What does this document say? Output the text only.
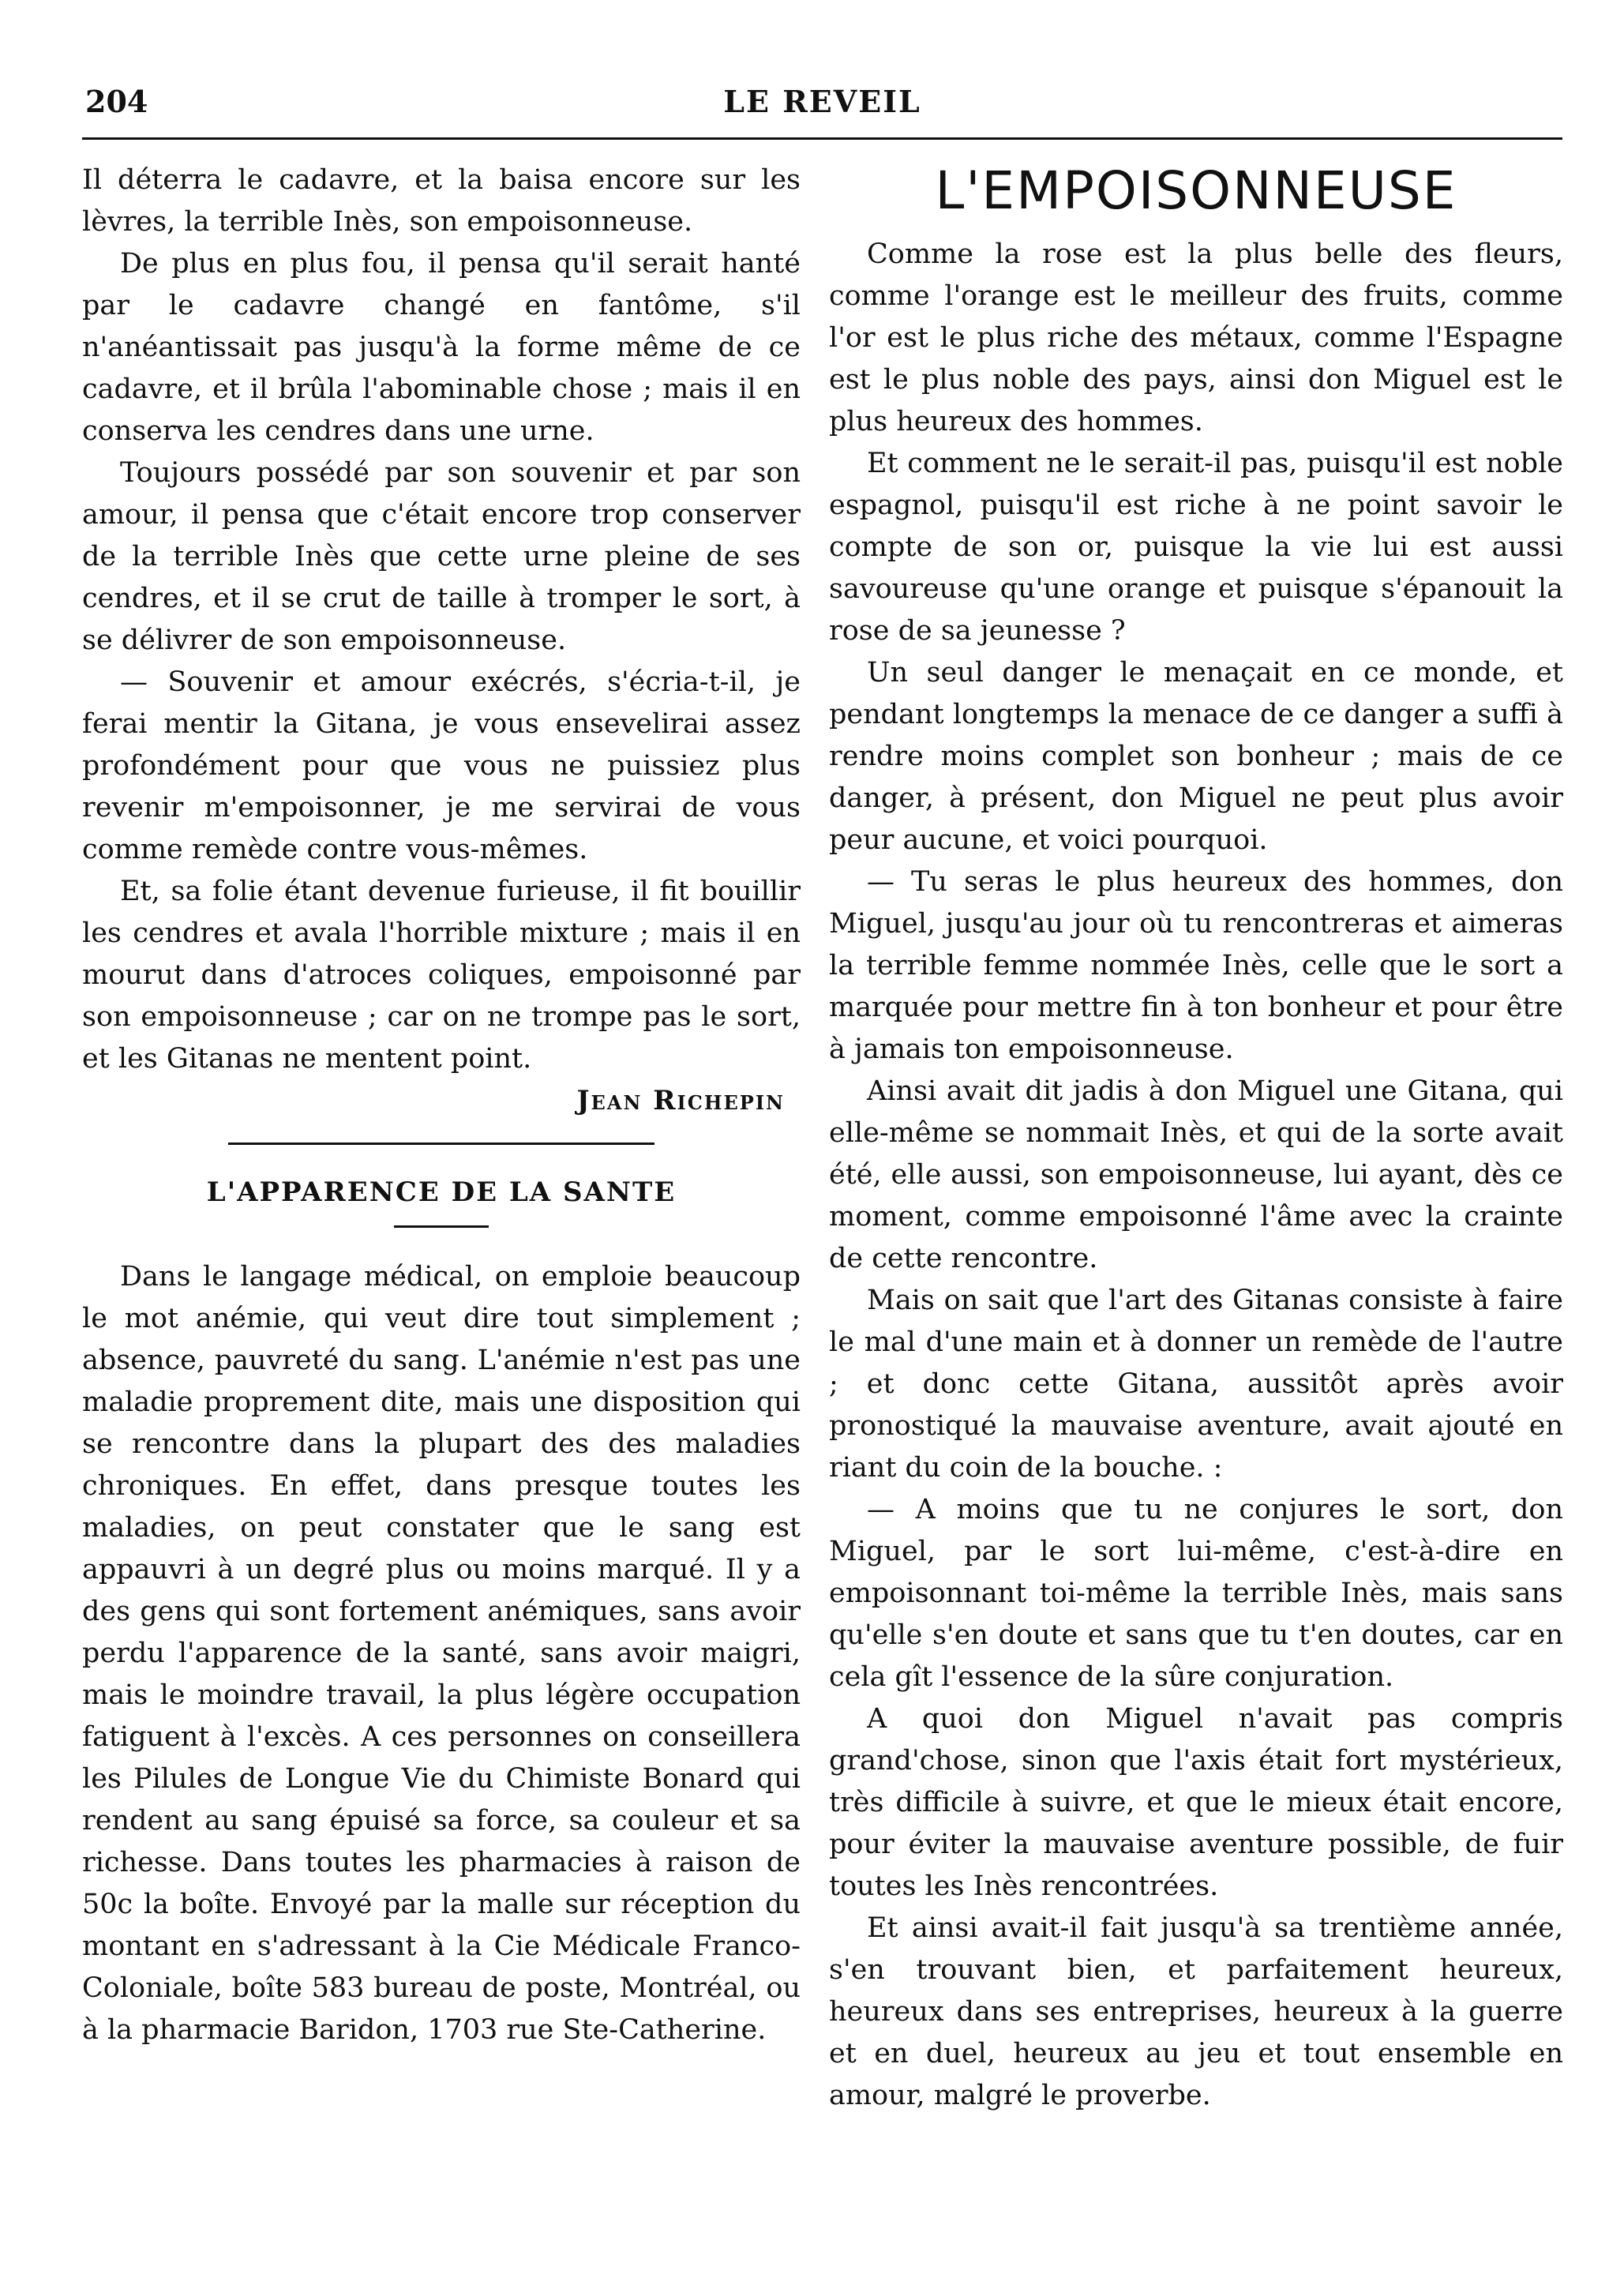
204	LE REVEIL

Il déterra le cadavre, et la baisa encore sur les lèvres, la terrible Inès, son empoisonneuse.

De plus en plus fou, il pensa qu'il serait hanté par le cadavre changé en fantôme, s'il n'anéantissait pas jusqu'à la forme même de ce cadavre, et il brûla l'abominable chose ; mais il en conserva les cendres dans une urne.

Toujours possédé par son souvenir et par son amour, il pensa que c'était encore trop conserver de la terrible Inès que cette urne pleine de ses cendres, et il se crut de taille à tromper le sort, à se délivrer de son empoisonneuse.

— Souvenir et amour exécrés, s'écria-t-il, je ferai mentir la Gitana, je vous ensevelirai assez profondément pour que vous ne puissiez plus revenir m'empoisonner, je me servirai de vous comme remède contre vous-mêmes.

Et, sa folie étant devenue furieuse, il fit bouillir les cendres et avala l'horrible mixture ; mais il en mourut dans d'atroces coliques, empoisonné par son empoisonneuse ; car on ne trompe pas le sort, et les Gitanas ne mentent point.

Jean Richepin

L'APPARENCE DE LA SANTE

Dans le langage médical, on emploie beaucoup le mot anémie, qui veut dire tout simplement ; absence, pauvreté du sang. L'anémie n'est pas une maladie proprement dite, mais une disposition qui se rencontre dans la plupart des des maladies chroniques. En effet, dans presque toutes les maladies, on peut constater que le sang est appauvri à un degré plus ou moins marqué. Il y a des gens qui sont fortement anémiques, sans avoir perdu l'apparence de la santé, sans avoir maigri, mais le moindre travail, la plus légère occupation fatiguent à l'excès. A ces personnes on conseillera les Pilules de Longue Vie du Chimiste Bonard qui rendent au sang épuisé sa force, sa couleur et sa richesse. Dans toutes les pharmacies à raison de 50c la boîte. Envoyé par la malle sur réception du montant en s'adressant à la Cie Médicale Franco-Coloniale, boîte 583 bureau de poste, Montréal, ou à la pharmacie Baridon, 1703 rue Ste-Catherine.

L'EMPOISONNEUSE

Comme la rose est la plus belle des fleurs, comme l'orange est le meilleur des fruits, comme l'or est le plus riche des métaux, comme l'Espagne est le plus noble des pays, ainsi don Miguel est le plus heureux des hommes.

Et comment ne le serait-il pas, puisqu'il est noble espagnol, puisqu'il est riche à ne point savoir le compte de son or, puisque la vie lui est aussi savoureuse qu'une orange et puisque s'épanouit la rose de sa jeunesse ?

Un seul danger le menaçait en ce monde, et pendant longtemps la menace de ce danger a suffi à rendre moins complet son bonheur ; mais de ce danger, à présent, don Miguel ne peut plus avoir peur aucune, et voici pourquoi.

— Tu seras le plus heureux des hommes, don Miguel, jusqu'au jour où tu rencontreras et aimeras la terrible femme nommée Inès, celle que le sort a marquée pour mettre fin à ton bonheur et pour être à jamais ton empoisonneuse.

Ainsi avait dit jadis à don Miguel une Gitana, qui elle-même se nommait Inès, et qui de la sorte avait été, elle aussi, son empoisonneuse, lui ayant, dès ce moment, comme empoisonné l'âme avec la crainte de cette rencontre.

Mais on sait que l'art des Gitanas consiste à faire le mal d'une main et à donner un remède de l'autre ; et donc cette Gitana, aussitôt après avoir pronostiqué la mauvaise aventure, avait ajouté en riant du coin de la bouche. :

— A moins que tu ne conjures le sort, don Miguel, par le sort lui-même, c'est-à-dire en empoisonnant toi-même la terrible Inès, mais sans qu'elle s'en doute et sans que tu t'en doutes, car en cela gît l'essence de la sûre conjuration.

A quoi don Miguel n'avait pas compris grand'chose, sinon que l'axis était fort mystérieux, très difficile à suivre, et que le mieux était encore, pour éviter la mauvaise aventure possible, de fuir toutes les Inès rencontrées.

Et ainsi avait-il fait jusqu'à sa trentième année, s'en trouvant bien, et parfaitement heureux, heureux dans ses entreprises, heureux à la guerre et en duel, heureux au jeu et tout ensemble en amour, malgré le proverbe.
